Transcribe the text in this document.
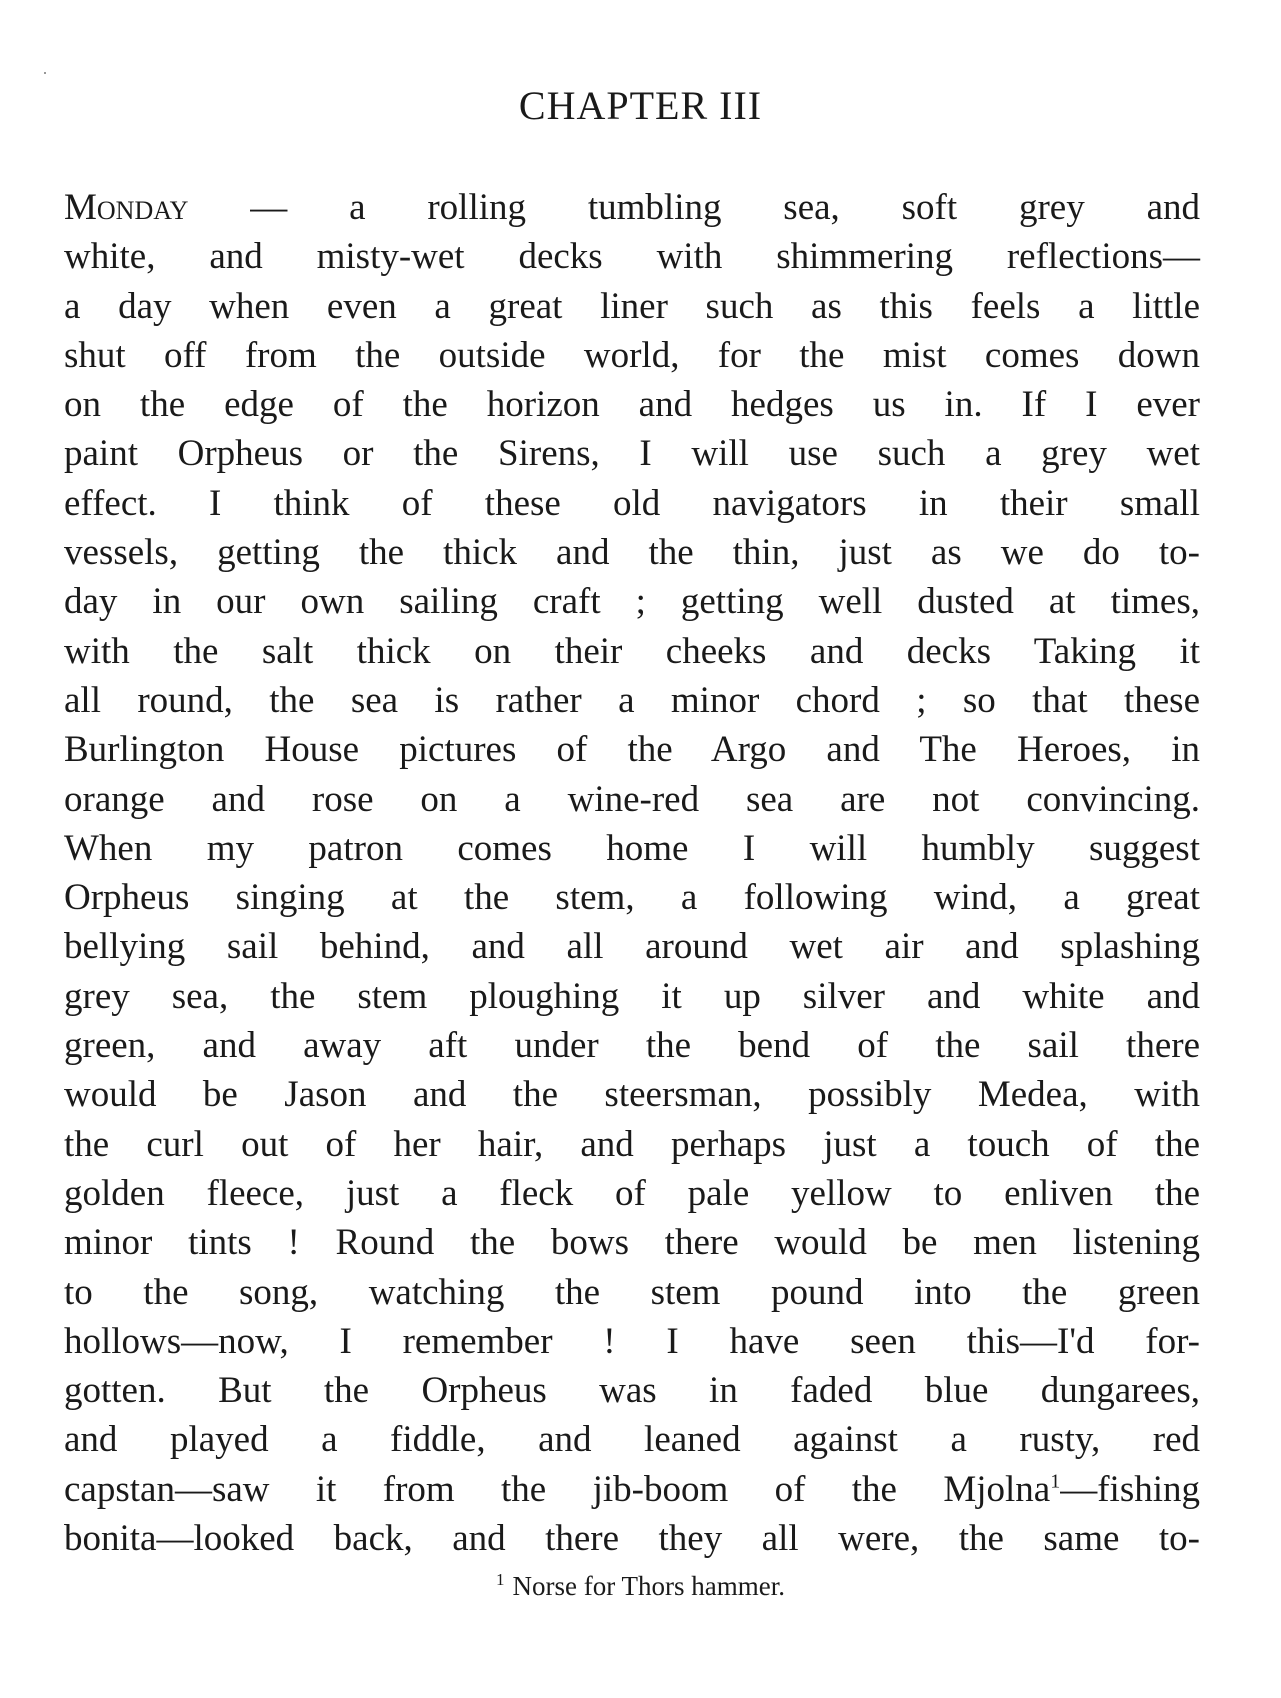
CHAPTER III
Monday — a rolling tumbling sea, soft grey and
white, and misty-wet decks with shimmering reflections—
a day when even a great liner such as this feels a little
shut off from the outside world, for the mist comes down
on the edge of the horizon and hedges us in. If I ever
paint Orpheus or the Sirens, I will use such a grey wet
effect. I think of these old navigators in their small
vessels, getting the thick and the thin, just as we do to-
day in our own sailing craft ; getting well dusted at times,
with the salt thick on their cheeks and decks Taking it
all round, the sea is rather a minor chord ; so that these
Burlington House pictures of the Argo and The Heroes, in
orange and rose on a wine-red sea are not convincing.
When my patron comes home I will humbly suggest
Orpheus singing at the stem, a following wind, a great
bellying sail behind, and all around wet air and splashing
grey sea, the stem ploughing it up silver and white and
green, and away aft under the bend of the sail there
would be Jason and the steersman, possibly Medea, with
the curl out of her hair, and perhaps just a touch of the
golden fleece, just a fleck of pale yellow to enliven the
minor tints ! Round the bows there would be men listening
to the song, watching the stem pound into the green
hollows—now, I remember ! I have seen this—I'd for-
gotten. But the Orpheus was in faded blue dungarees,
and played a fiddle, and leaned against a rusty, red
capstan—saw it from the jib-boom of the Mjolna$^1$—fishing
bonita—looked back, and there they all were, the same to-
$^1$ Norse for Thors hammer.
